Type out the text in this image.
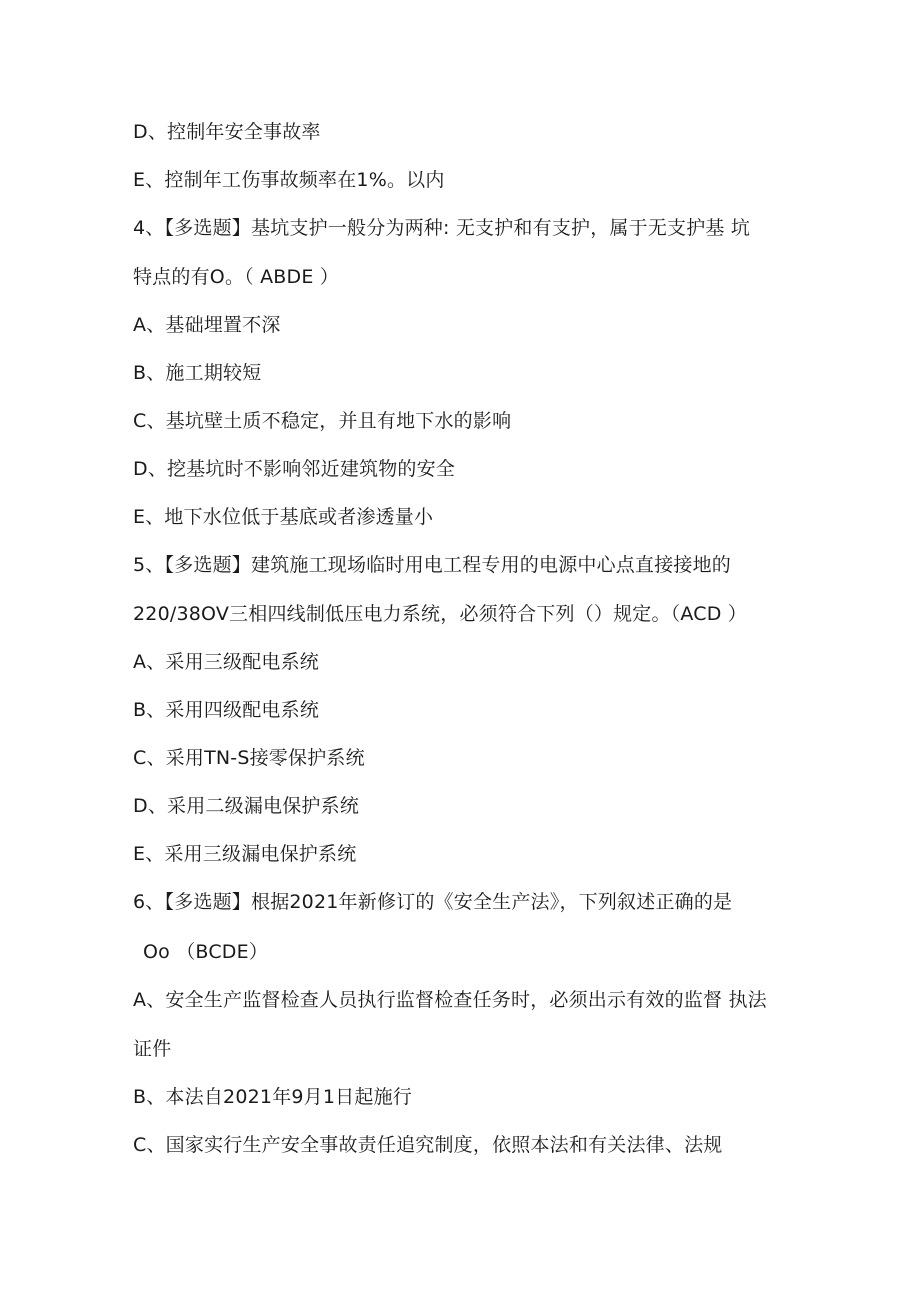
D、控制年安全事故率
E、控制年工伤事故频率在1%。以内
4、【多选题】基坑支护一般分为两种: 无支护和有支护，属于无支护基 坑
特点的有O。（ ABDE ）
A、基础埋置不深
B、施工期较短
C、基坑壁土质不稳定，并且有地下水的影响
D、挖基坑时不影响邻近建筑物的安全
E、地下水位低于基底或者渗透量小
5、【多选题】建筑施工现场临时用电工程专用的电源中心点直接接地的
220/38OV三相四线制低压电力系统，必须符合下列（）规定。（ACD ）
A、采用三级配电系统
B、采用四级配电系统
C、采用TN-S接零保护系统
D、采用二级漏电保护系统
E、采用三级漏电保护系统
6、【多选题】根据2021年新修订的《安全生产法》，下列叙述正确的是
Oo （BCDE）
A、安全生产监督检查人员执行监督检查任务时，必须出示有效的监督 执法
证件
B、本法自2021年9月1日起施行
C、国家实行生产安全事故责任追究制度，依照本法和有关法律、法规
